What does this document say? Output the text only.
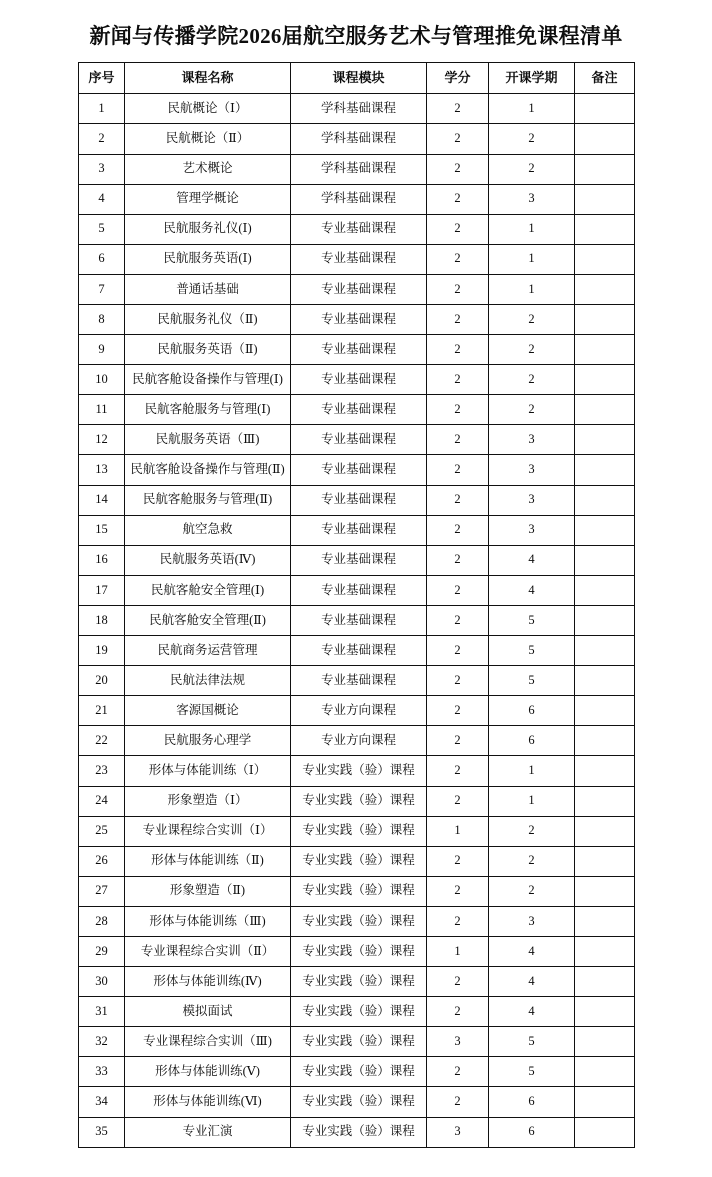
新闻与传播学院2026届航空服务艺术与管理推免课程清单
序号	课程名称	课程模块	学分	开课学期	备注
1	民航概论（Ⅰ）	学科基础课程	2	1	
2	民航概论（Ⅱ）	学科基础课程	2	2	
3	艺术概论	学科基础课程	2	2	
4	管理学概论	学科基础课程	2	3	
5	民航服务礼仪(Ⅰ)	专业基础课程	2	1	
6	民航服务英语(Ⅰ)	专业基础课程	2	1	
7	普通话基础	专业基础课程	2	1	
8	民航服务礼仪（Ⅱ)	专业基础课程	2	2	
9	民航服务英语（Ⅱ)	专业基础课程	2	2	
10	民航客舱设备操作与管理(Ⅰ)	专业基础课程	2	2	
11	民航客舱服务与管理(Ⅰ)	专业基础课程	2	2	
12	民航服务英语（Ⅲ)	专业基础课程	2	3	
13	民航客舱设备操作与管理(Ⅱ)	专业基础课程	2	3	
14	民航客舱服务与管理(Ⅱ)	专业基础课程	2	3	
15	航空急救	专业基础课程	2	3	
16	民航服务英语(Ⅳ)	专业基础课程	2	4	
17	民航客舱安全管理(Ⅰ)	专业基础课程	2	4	
18	民航客舱安全管理(Ⅱ)	专业基础课程	2	5	
19	民航商务运营管理	专业基础课程	2	5	
20	民航法律法规	专业基础课程	2	5	
21	客源国概论	专业方向课程	2	6	
22	民航服务心理学	专业方向课程	2	6	
23	形体与体能训练（Ⅰ）	专业实践（验）课程	2	1	
24	形象塑造（Ⅰ）	专业实践（验）课程	2	1	
25	专业课程综合实训（Ⅰ）	专业实践（验）课程	1	2	
26	形体与体能训练（Ⅱ)	专业实践（验）课程	2	2	
27	形象塑造（Ⅱ)	专业实践（验）课程	2	2	
28	形体与体能训练（Ⅲ)	专业实践（验）课程	2	3	
29	专业课程综合实训（Ⅱ）	专业实践（验）课程	1	4	
30	形体与体能训练(Ⅳ)	专业实践（验）课程	2	4	
31	模拟面试	专业实践（验）课程	2	4	
32	专业课程综合实训（Ⅲ)	专业实践（验）课程	3	5	
33	形体与体能训练(Ⅴ)	专业实践（验）课程	2	5	
34	形体与体能训练(Ⅵ)	专业实践（验）课程	2	6	
35	专业汇演	专业实践（验）课程	3	6	
